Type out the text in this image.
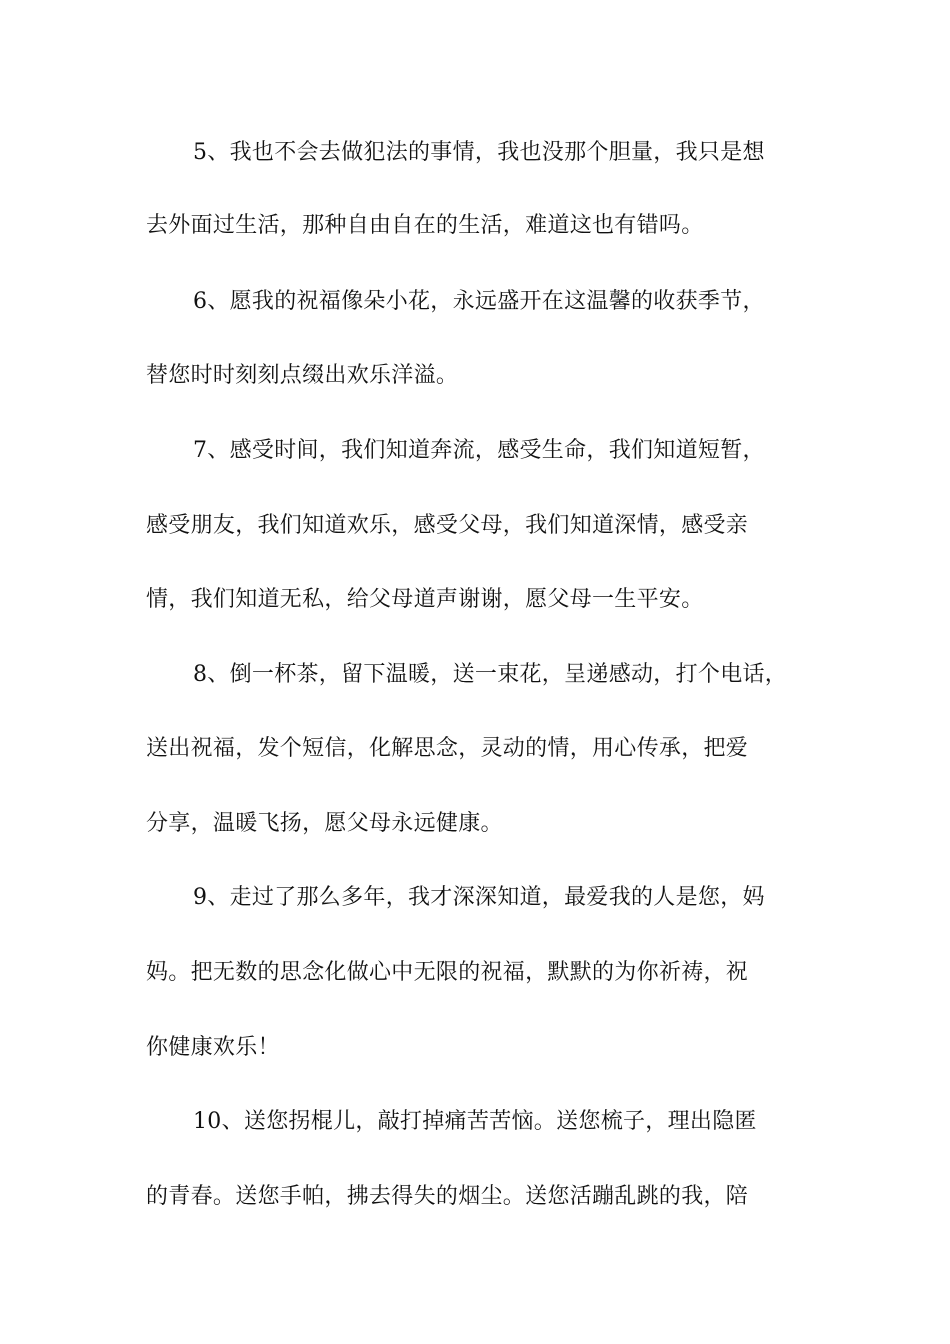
5、我也不会去做犯法的事情，我也没那个胆量，我只是想
去外面过生活，那种自由自在的生活，难道这也有错吗。
6、愿我的祝福像朵小花，永远盛开在这温馨的收获季节，
替您时时刻刻点缀出欢乐洋溢。
7、感受时间，我们知道奔流，感受生命，我们知道短暂，
感受朋友，我们知道欢乐，感受父母，我们知道深情，感受亲
情，我们知道无私，给父母道声谢谢，愿父母一生平安。
8、倒一杯茶，留下温暖，送一束花，呈递感动，打个电话，
送出祝福，发个短信，化解思念，灵动的情，用心传承，把爱
分享，温暖飞扬，愿父母永远健康。
9、走过了那么多年，我才深深知道，最爱我的人是您，妈
妈。把无数的思念化做心中无限的祝福，默默的为你祈祷，祝
你健康欢乐！
10、送您拐棍儿，敲打掉痛苦苦恼。送您梳子，理出隐匿
的青春。送您手帕，拂去得失的烟尘。送您活蹦乱跳的我，陪
